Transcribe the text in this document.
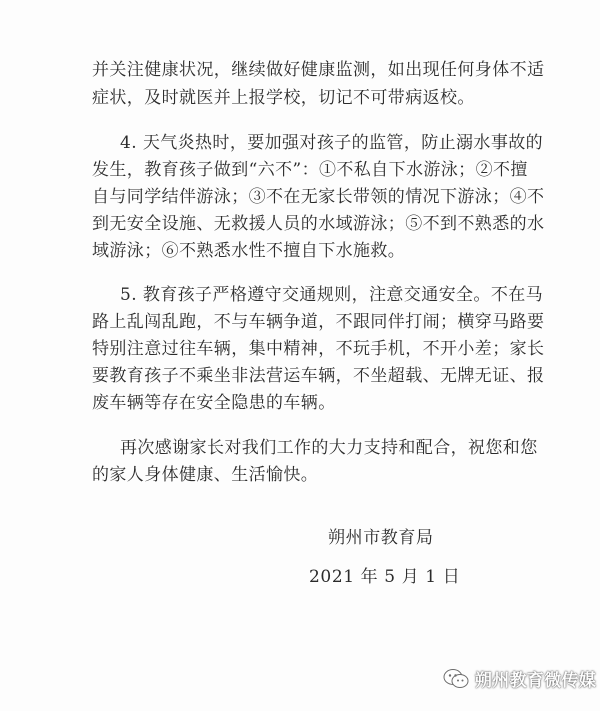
并关注健康状况，继续做好健康监测，如出现任何身体不适
症状，及时就医并上报学校，切记不可带病返校。
4. 天气炎热时，要加强对孩子的监管，防止溺水事故的
发生，教育孩子做到“六不”：①不私自下水游泳；②不擅
自与同学结伴游泳；③不在无家长带领的情况下游泳；④不
到无安全设施、无救援人员的水域游泳；⑤不到不熟悉的水
域游泳；⑥不熟悉水性不擅自下水施救。
5. 教育孩子严格遵守交通规则，注意交通安全。不在马
路上乱闯乱跑，不与车辆争道，不跟同伴打闹；横穿马路要
特别注意过往车辆，集中精神，不玩手机，不开小差；家长
要教育孩子不乘坐非法营运车辆，不坐超载、无牌无证、报
废车辆等存在安全隐患的车辆。
再次感谢家长对我们工作的大力支持和配合，祝您和您
的家人身体健康、生活愉快。
朔州市教育局
2021 年 5 月 1 日
朔州教育微传媒
